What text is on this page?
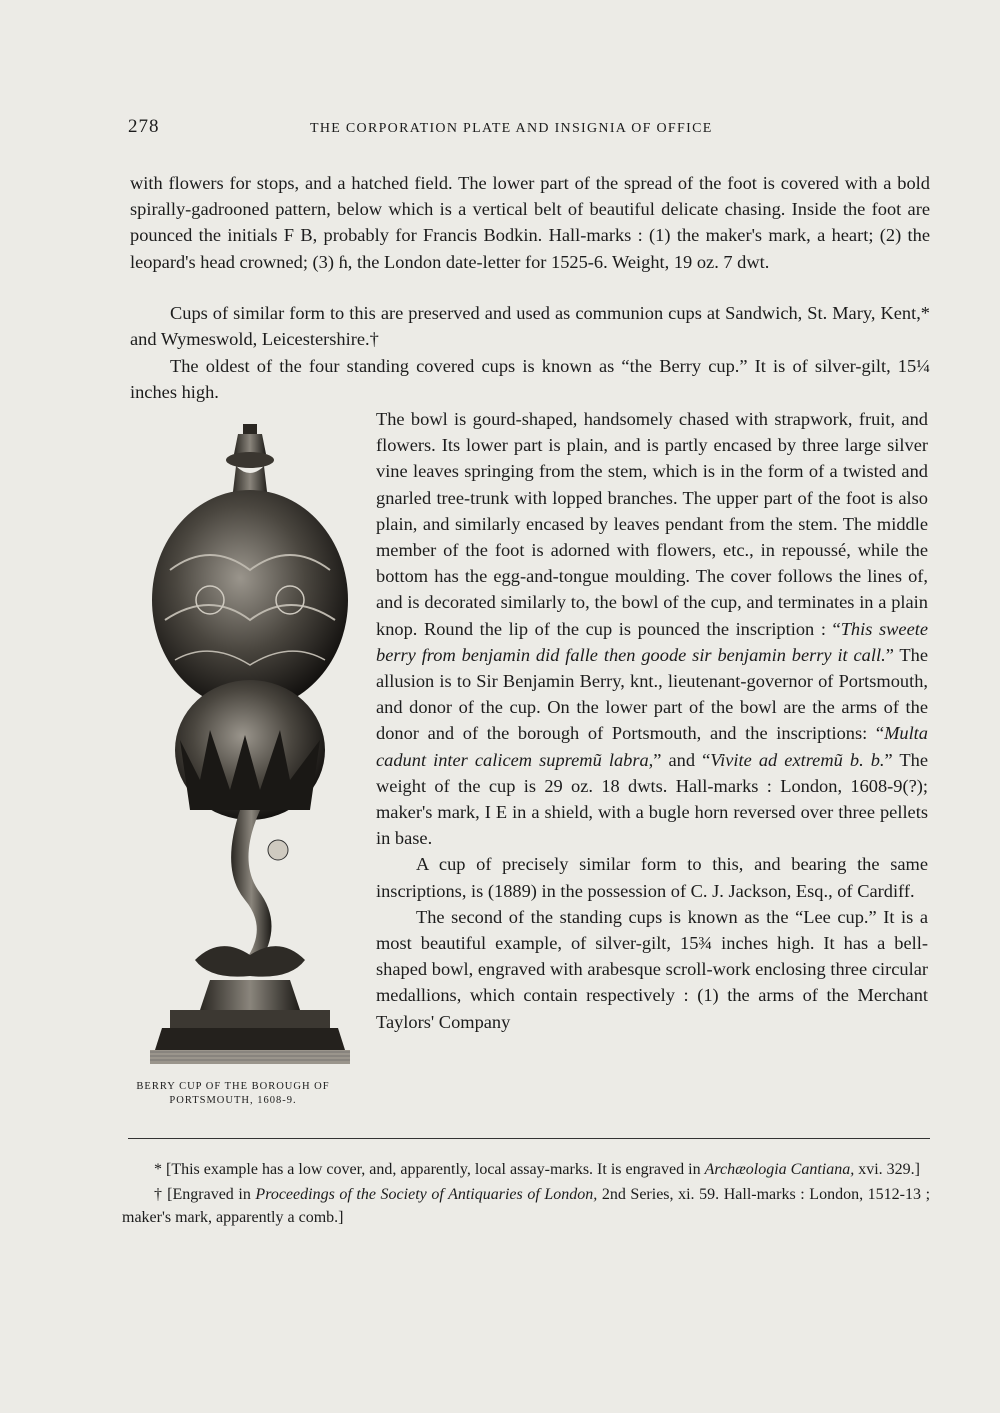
278	THE CORPORATION PLATE AND INSIGNIA OF OFFICE

with flowers for stops, and a hatched field. The lower part of the spread of the foot is covered with a bold spirally-gadrooned pattern, below which is a vertical belt of beautiful delicate chasing. Inside the foot are pounced the initials F B, probably for Francis Bodkin. Hall-marks : (1) the maker's mark, a heart; (2) the leopard's head crowned; (3) ɦ, the London date-letter for 1525-6. Weight, 19 oz. 7 dwt.

Cups of similar form to this are preserved and used as communion cups at Sandwich, St. Mary, Kent,* and Wymeswold, Leicestershire.†

The oldest of the four standing covered cups is known as “the Berry cup.” It is of silver-gilt, 15¼ inches high.

The bowl is gourd-shaped, handsomely chased with strapwork, fruit, and flowers. Its lower part is plain, and is partly encased by three large silver vine leaves springing from the stem, which is in the form of a twisted and gnarled tree-trunk with lopped branches. The upper part of the foot is also plain, and similarly encased by leaves pendant from the stem. The middle member of the foot is adorned with flowers, etc., in repoussé, while the bottom has the egg-and-tongue moulding. The cover follows the lines of, and is decorated similarly to, the bowl of the cup, and terminates in a plain knop. Round the lip of the cup is pounced the inscription : “This sweete berry from benjamin did falle then goode sir benjamin berry it call.” The allusion is to Sir Benjamin Berry, knt., lieutenant-governor of Portsmouth, and donor of the cup. On the lower part of the bowl are the arms of the donor and of the borough of Portsmouth, and the inscriptions: “Multa cadunt inter calicem supremũ labra,” and “Vivite ad extremũ b. b.” The weight of the cup is 29 oz. 18 dwts. Hall-marks : London, 1608-9(?); maker's mark, I E in a shield, with a bugle horn reversed over three pellets in base.

A cup of precisely similar form to this, and bearing the same inscriptions, is (1889) in the possession of C. J. Jackson, Esq., of Cardiff.

The second of the standing cups is known as the “Lee cup.” It is a most beautiful example, of silver-gilt, 15¾ inches high. It has a bell-shaped bowl, engraved with arabesque scroll-work enclosing three circular medallions, which contain respectively : (1) the arms of the Merchant Taylors' Company

BERRY CUP OF THE BOROUGH OF
PORTSMOUTH, 1608-9.

* [This example has a low cover, and, apparently, local assay-marks. It is engraved in Archæologia Cantiana, xvi. 329.]

† [Engraved in Proceedings of the Society of Antiquaries of London, 2nd Series, xi. 59. Hall-marks : London, 1512-13 ; maker's mark, apparently a comb.]
